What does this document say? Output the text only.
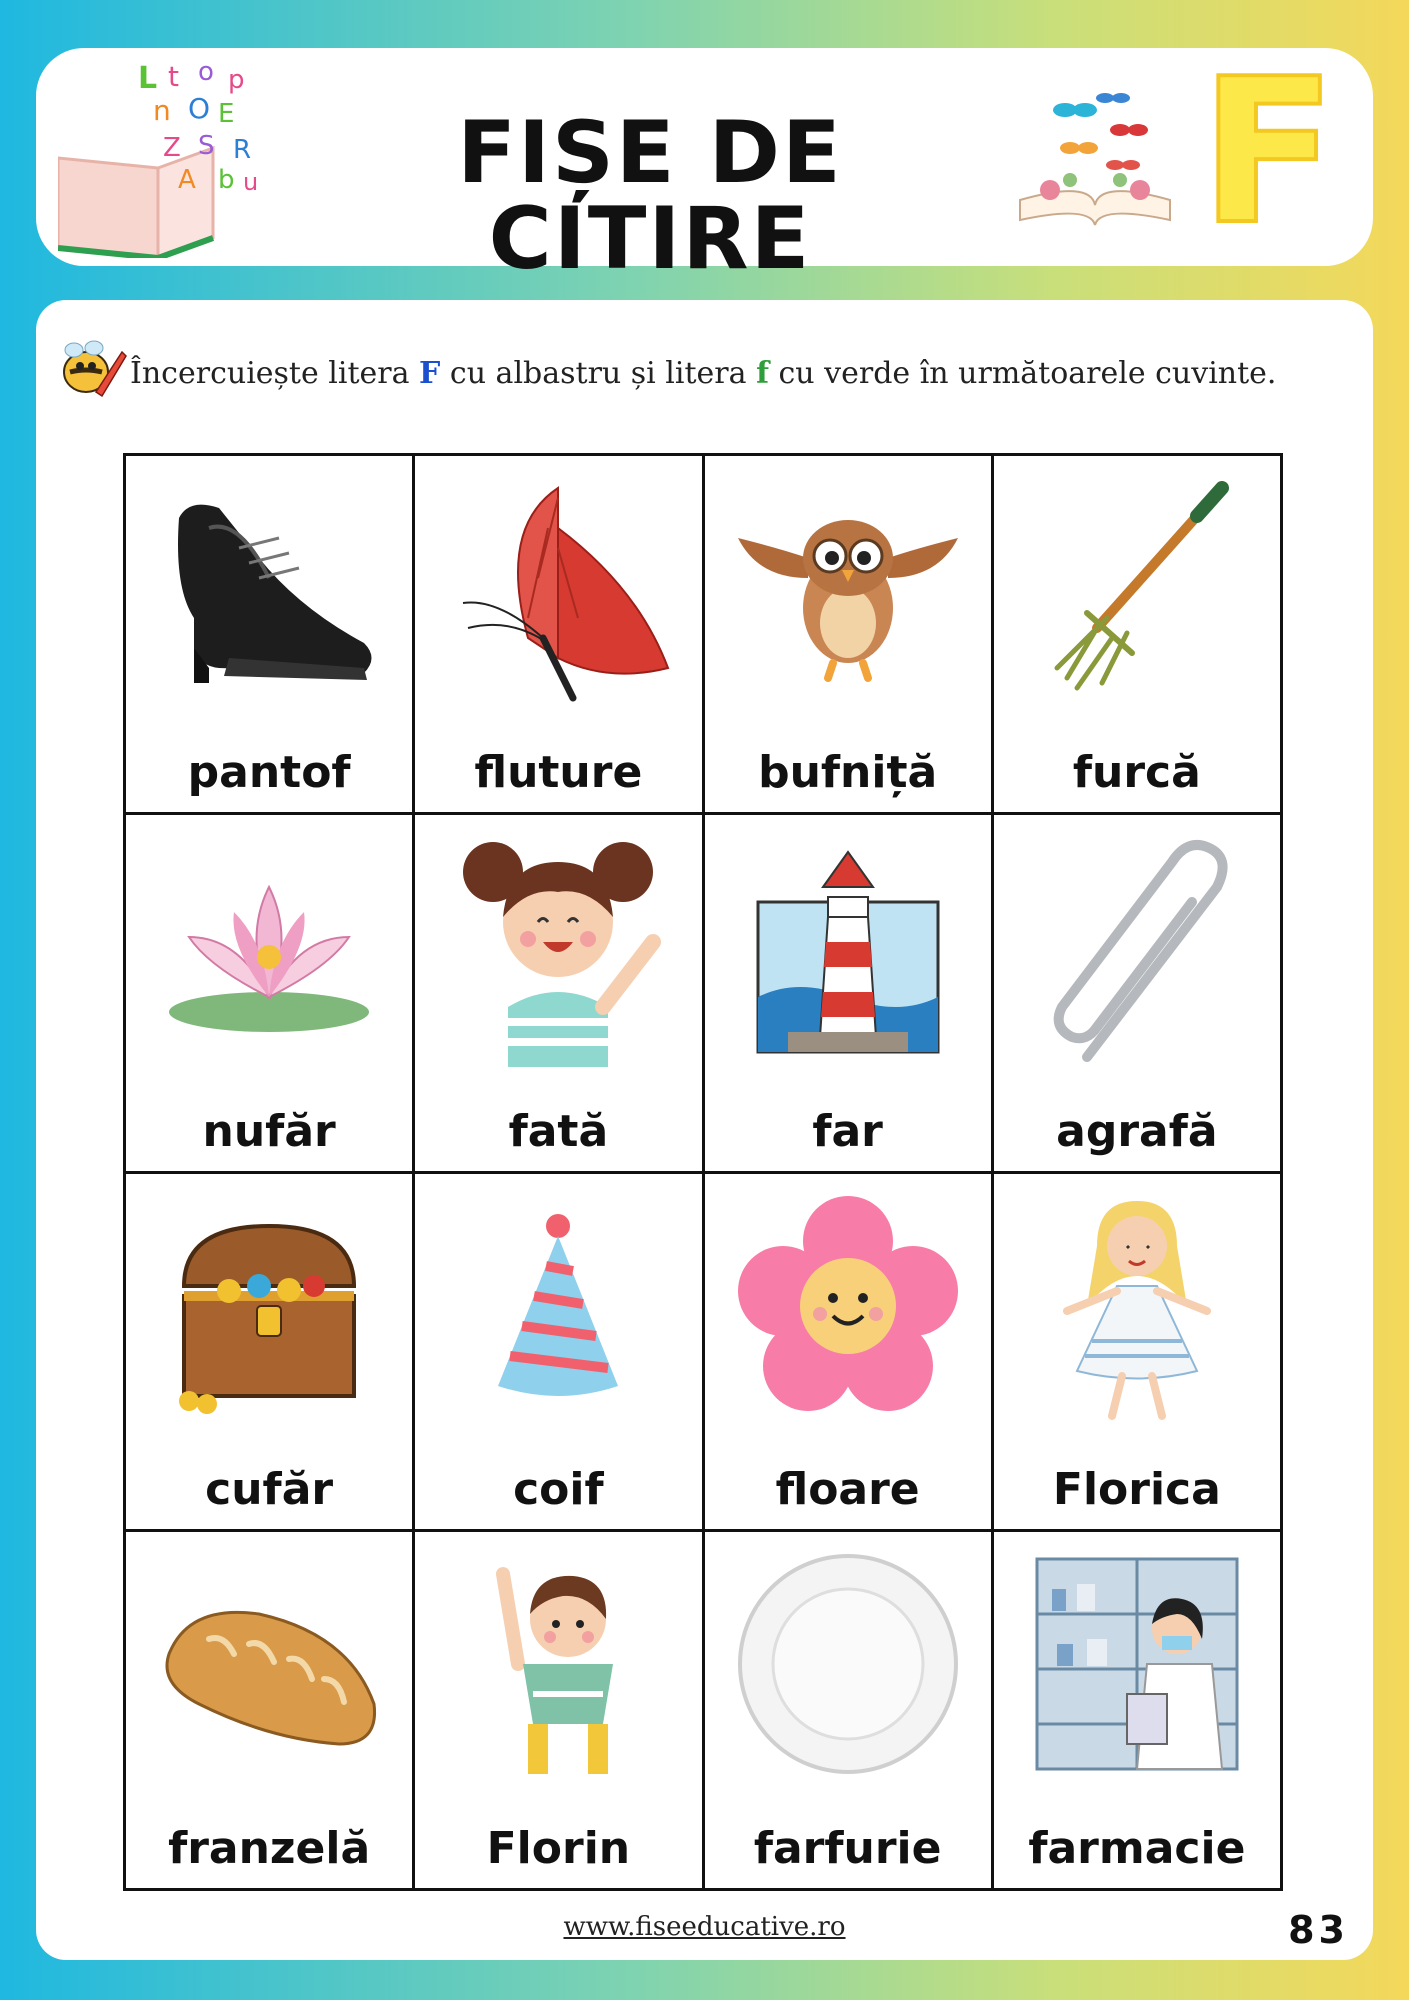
L t o p
n O E
Z S R
A b u	FIȘE DE CITIRE	F
Încercuiește litera F cu albastru și litera f cu verde în următoarele cuvinte.
pantof	fluture	bufniță	furcă

nufăr	fată	far	agrafă

cufăr	coif	floare	Florica

franzelă	Florin	farfurie	farmacie
www.fiseeducative.ro	83
